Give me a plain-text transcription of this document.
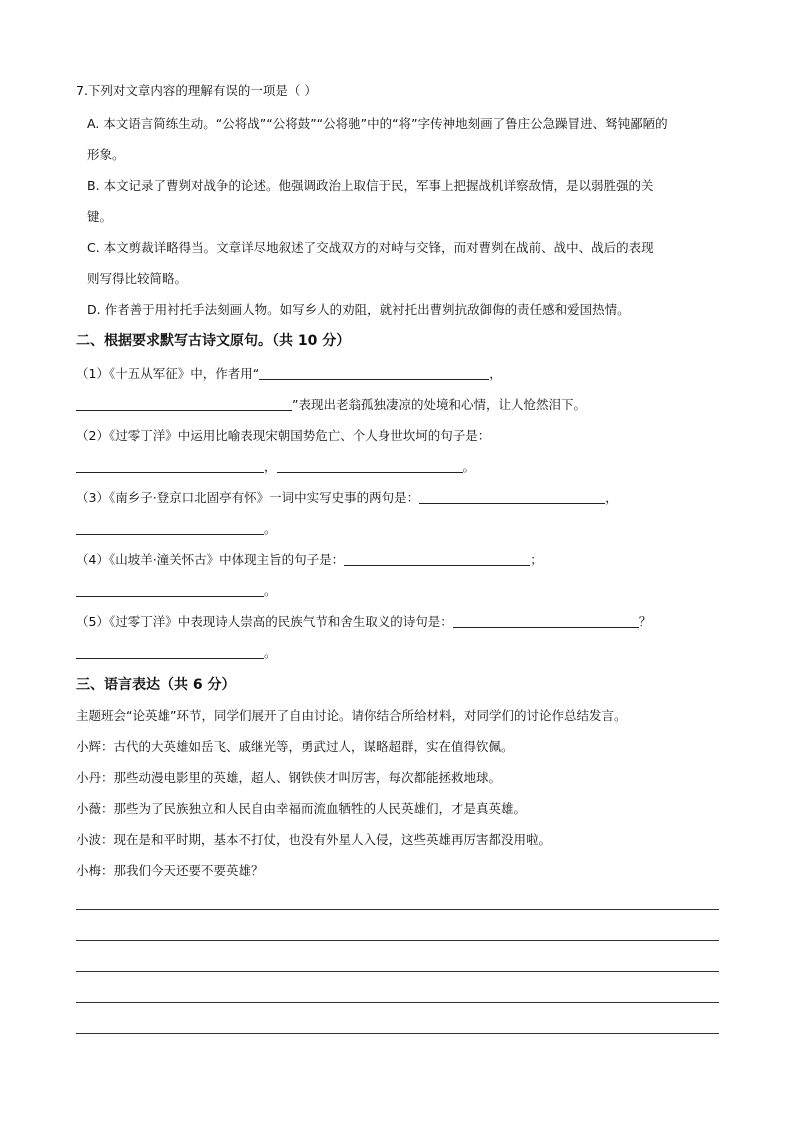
7.下列对文章内容的理解有误的一项是（ ）
A. 本文语言简练生动。“公将战”“公将鼓”“公将驰”中的“将”字传神地刻画了鲁庄公急躁冒进、驽钝鄙陋的
形象。
B. 本文记录了曹刿对战争的论述。他强调政治上取信于民，军事上把握战机详察敌情，是以弱胜强的关
键。
C. 本文剪裁详略得当。文章详尽地叙述了交战双方的对峙与交锋，而对曹刿在战前、战中、战后的表现
则写得比较简略。
D. 作者善于用衬托手法刻画人物。如写乡人的劝阻，就衬托出曹刿抗敌御侮的责任感和爱国热情。
二、根据要求默写古诗文原句。（共 10 分）
（1）《十五从军征》中，作者用“	，
”表现出老翁孤独凄凉的处境和心情，让人怆然泪下。
（2）《过零丁洋》中运用比喻表现宋朝国势危亡、个人身世坎坷的句子是：
，	。
（3）《南乡子·登京口北固亭有怀》一词中实写史事的两句是：	，
。
（4）《山坡羊·潼关怀古》中体现主旨的句子是：	；
。
（5）《过零丁洋》中表现诗人崇高的民族气节和舍生取义的诗句是：	？
。
三、语言表达（共 6 分）
主题班会“论英雄”环节，同学们展开了自由讨论。请你结合所给材料，对同学们的讨论作总结发言。
小辉：古代的大英雄如岳飞、戚继光等，勇武过人，谋略超群，实在值得钦佩。
小丹：那些动漫电影里的英雄，超人、钢铁侠才叫厉害，每次都能拯救地球。
小薇：那些为了民族独立和人民自由幸福而流血牺牲的人民英雄们，才是真英雄。
小波：现在是和平时期，基本不打仗，也没有外星人入侵，这些英雄再厉害都没用啦。
小梅：那我们今天还要不要英雄？
